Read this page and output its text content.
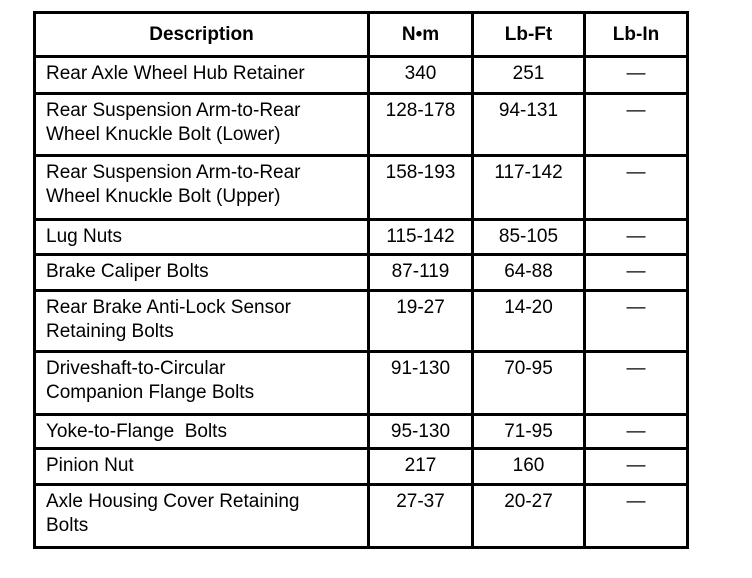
Description	N•m	Lb-Ft	Lb-In

Rear Axle Wheel Hub Retainer	340	251	—

Rear Suspension Arm-to-Rear
Wheel Knuckle Bolt (Lower)	128-178	94-131	—

Rear Suspension Arm-to-Rear
Wheel Knuckle Bolt (Upper)	158-193	117-142	—

Lug Nuts	115-142	85-105	—

Brake Caliper Bolts	87-119	64-88	—

Rear Brake Anti-Lock Sensor
Retaining Bolts	19-27	14-20	—

Driveshaft-to-Circular
Companion Flange Bolts	91-130	70-95	—

Yoke-to-Flange  Bolts	95-130	71-95	—

Pinion Nut	217	160	—

Axle Housing Cover Retaining
Bolts	27-37	20-27	—
